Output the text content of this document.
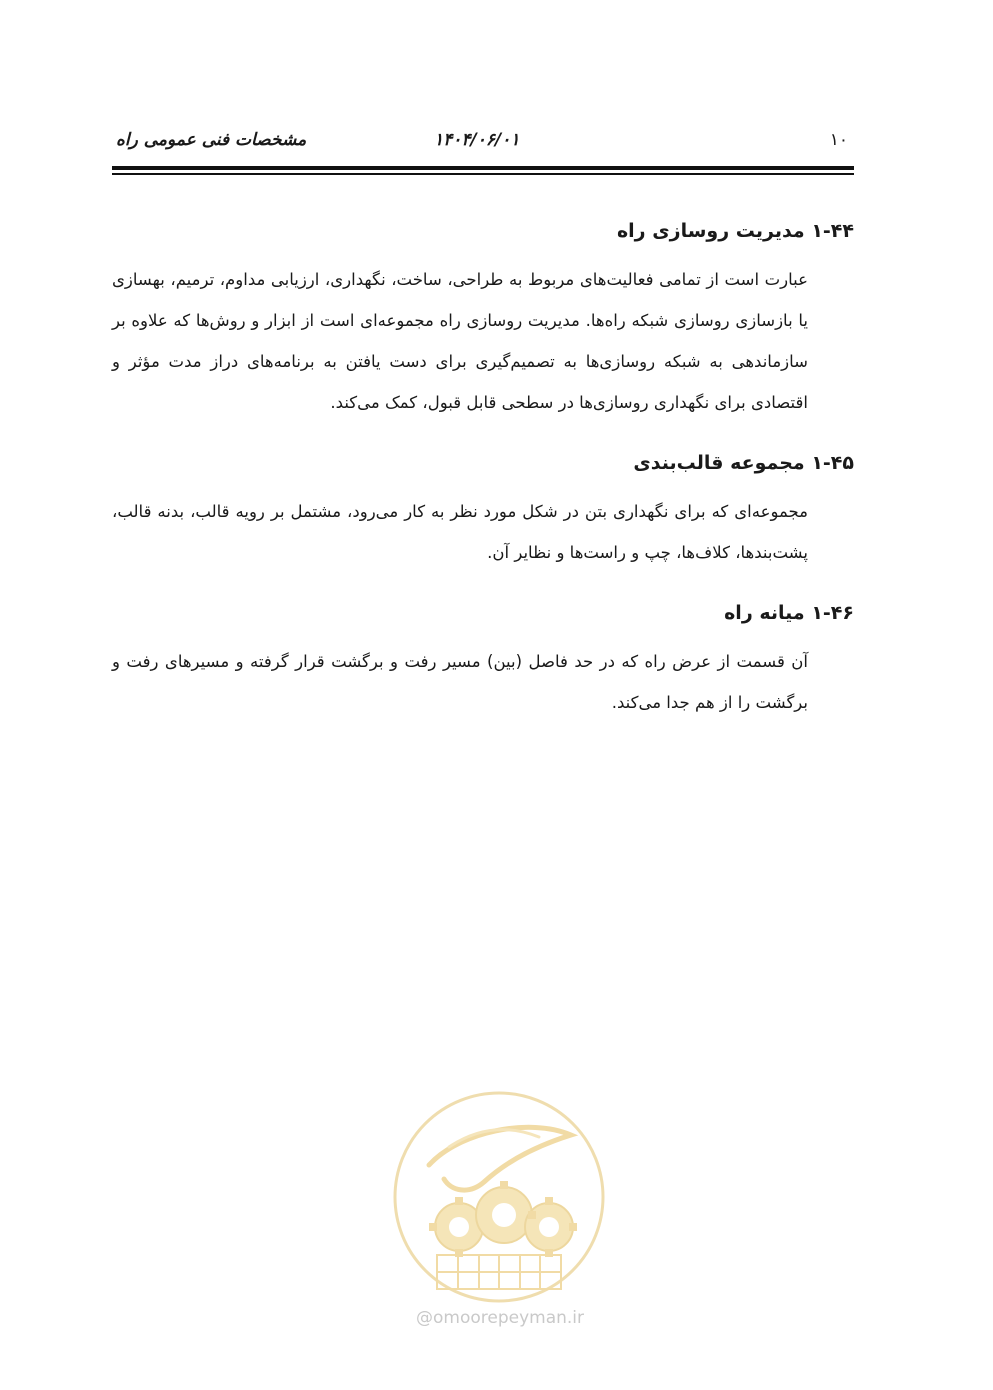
۱۰
۱۴۰۴/۰۶/۰۱
مشخصات فنی عمومی راه
۱-۴۴ مدیریت روسازی راه

عبارت است از تمامی فعالیت‌های مربوط به طراحی، ساخت، نگهداری، ارزیابی مداوم، ترمیم، بهسازی یا بازسازی روسازی شبکه راه‌ها. مدیریت روسازی راه مجموعه‌ای است از ابزار و روش‌ها که علاوه بر سازماندهی به شبکه روسازی‌ها به تصمیم‌گیری برای دست یافتن به برنامه‌های دراز مدت مؤثر و اقتصادی برای نگهداری روسازی‌ها در سطحی قابل قبول، کمک می‌کند.

۱-۴۵ مجموعه قالب‌بندی

مجموعه‌ای که برای نگهداری بتن در شکل مورد نظر به کار می‌رود، مشتمل بر رویه قالب، بدنه قالب، پشت‌بندها، کلاف‌ها، چپ و راست‌ها و نظایر آن.

۱-۴۶ میانه راه

آن قسمت از عرض راه که در حد فاصل (بین) مسیر رفت و برگشت قرار گرفته و مسیرهای رفت و برگشت را از هم جدا می‌کند.

@omoorepeyman.ir
